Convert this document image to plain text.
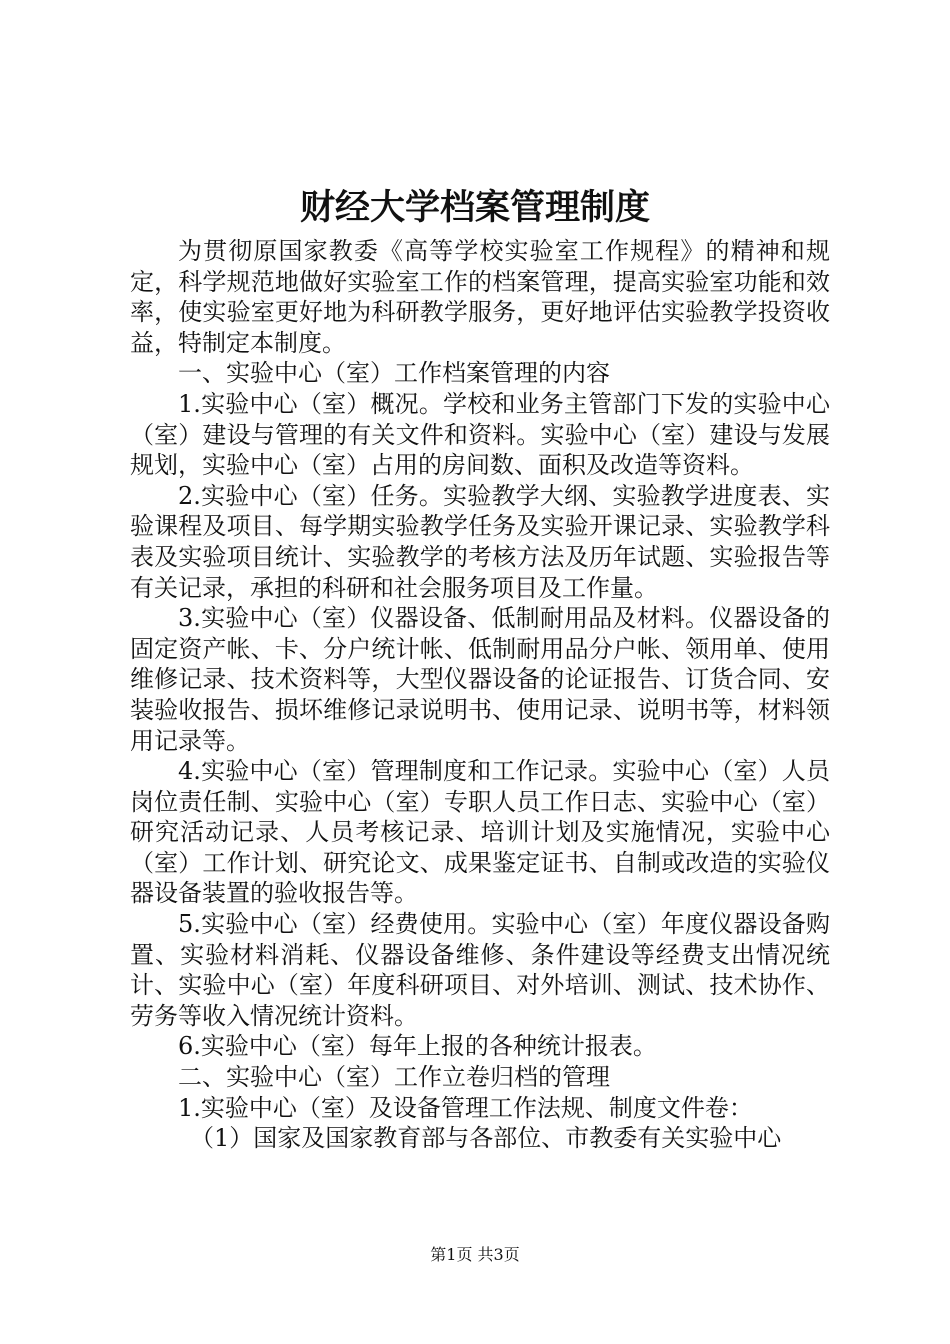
财经大学档案管理制度

为贯彻原国家教委《高等学校实验室工作规程》的精神和规定，科学规范地做好实验室工作的档案管理，提高实验室功能和效率，使实验室更好地为科研教学服务，更好地评估实验教学投资收益，特制定本制度。

一、实验中心（室）工作档案管理的内容

1.实验中心（室）概况。学校和业务主管部门下发的实验中心（室）建设与管理的有关文件和资料。实验中心（室）建设与发展规划，实验中心（室）占用的房间数、面积及改造等资料。

2.实验中心（室）任务。实验教学大纲、实验教学进度表、实验课程及项目、每学期实验教学任务及实验开课记录、实验教学科表及实验项目统计、实验教学的考核方法及历年试题、实验报告等有关记录，承担的科研和社会服务项目及工作量。

3.实验中心（室）仪器设备、低制耐用品及材料。仪器设备的固定资产帐、卡、分户统计帐、低制耐用品分户帐、领用单、使用维修记录、技术资料等，大型仪器设备的论证报告、订货合同、安装验收报告、损坏维修记录说明书、使用记录、说明书等，材料领用记录等。

4.实验中心（室）管理制度和工作记录。实验中心（室）人员岗位责任制、实验中心（室）专职人员工作日志、实验中心（室）研究活动记录、人员考核记录、培训计划及实施情况，实验中心（室）工作计划、研究论文、成果鉴定证书、自制或改造的实验仪器设备装置的验收报告等。

5.实验中心（室）经费使用。实验中心（室）年度仪器设备购置、实验材料消耗、仪器设备维修、条件建设等经费支出情况统计、实验中心（室）年度科研项目、对外培训、测试、技术协作、劳务等收入情况统计资料。

6.实验中心（室）每年上报的各种统计报表。

二、实验中心（室）工作立卷归档的管理

1.实验中心（室）及设备管理工作法规、制度文件卷：

（1）国家及国家教育部与各部位、市教委有关实验中心

第1页 共3页
